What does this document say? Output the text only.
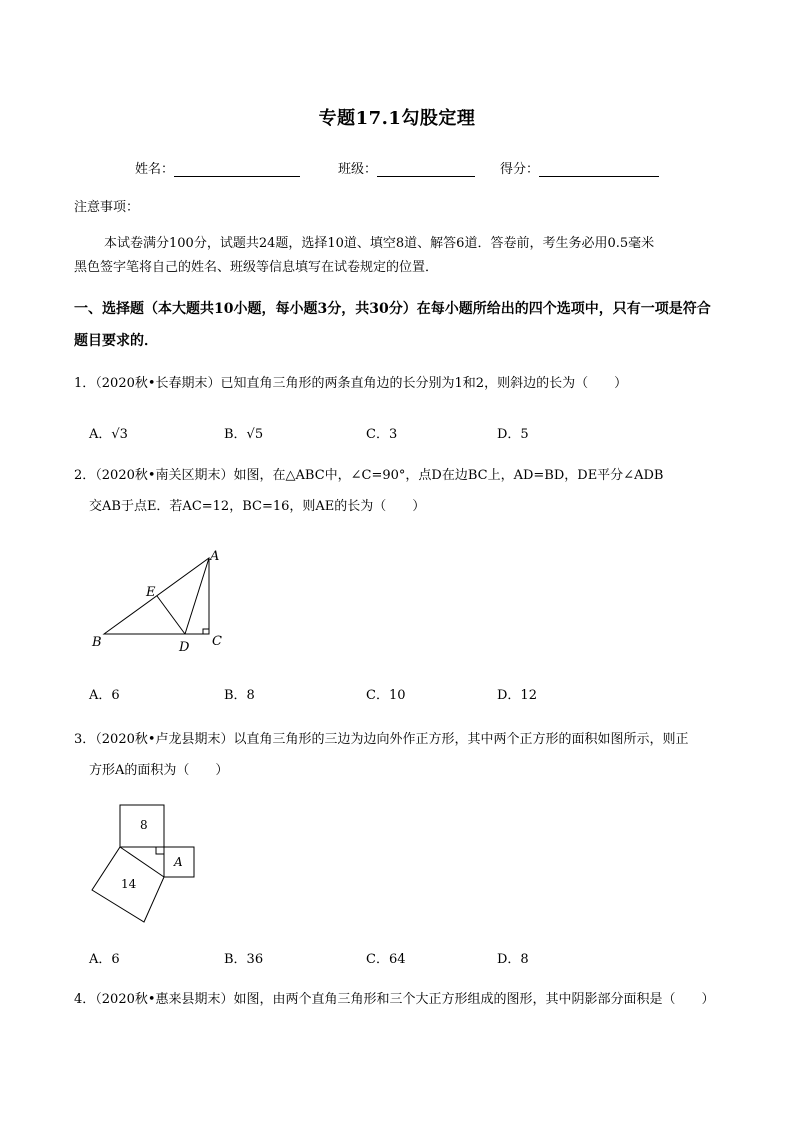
专题17.1勾股定理
姓名：	班级：	得分：
注意事项：
本试卷满分100分，试题共24题，选择10道、填空8道、解答6道．答卷前，考生务必用0.5毫米
黑色签字笔将自己的姓名、班级等信息填写在试卷规定的位置．
一、选择题（本大题共10小题，每小题3分，共30分）在每小题所给出的四个选项中，只有一项是符合
题目要求的．
1．（2020秋•长春期末）已知直角三角形的两条直角边的长分别为1和2，则斜边的长为（　　）
A．√3	B．√5	C．3	D．5
2．（2020秋•南关区期末）如图，在△ABC中，∠C=90°，点D在边BC上，AD=BD，DE平分∠ADB
交AB于点E．若AC=12，BC=16，则AE的长为（　　）
A
B	C
D
E
A．6	B．8	C．10	D．12
3．（2020秋•卢龙县期末）以直角三角形的三边为边向外作正方形，其中两个正方形的面积如图所示，则正
方形A的面积为（　　）
8
14
A
A．6	B．36	C．64	D．8
4．（2020秋•惠来县期末）如图，由两个直角三角形和三个大正方形组成的图形，其中阴影部分面积是（　　）
